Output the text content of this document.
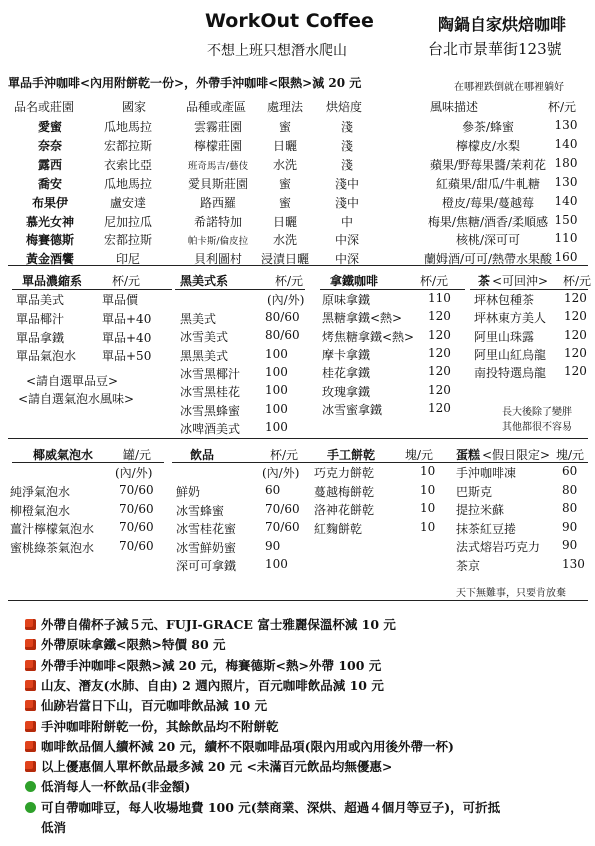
WorkOut Coffee
不想上班只想潛水爬山
陶鍋自家烘焙咖啡
台北市景華街123號
單品手沖咖啡<內用附餅乾一份>，外帶手沖咖啡<限熱>減 20 元	在哪裡跌倒就在哪裡躺好
品名或莊園	國家	品種或產區 處理法 烘焙度	風味描述	杯/元
愛蜜	瓜地馬拉	雲霧莊園	蜜	淺	參茶/蜂蜜	130
奈奈	宏都拉斯	檸檬莊園	日曬	淺	檸檬皮/水梨	140
露西	衣索比亞	班奇馬吉/藝伎 水洗	淺	蘋果/野莓果醬/茉莉花 180
喬安	瓜地馬拉	愛貝斯莊園	蜜	淺中	紅蘋果/甜瓜/牛軋糖 130
布果伊	盧安達	路西羅	蜜	淺中	橙皮/莓果/蔓越莓 140
慕光女神 尼加拉瓜	希諾特加	日曬	中	梅果/焦糖/酒香/柔順感 150
梅賽德斯 宏都拉斯	帕卡斯/倫皮拉 水洗	中深	核桃/深可可	110
黃金酒饗	印尼	貝利圖村 浸漬日曬 中深	蘭姆酒/可可/熱帶水果酸 160
單品濃縮系 杯/元
單品美式	單品價
單品椰汁	單品+40
單品拿鐵	單品+40
單品氣泡水 單品+50
<請自選單品豆>
<請自選氣泡水風味>
黑美式系	杯/元
(內/外)
黑美式	80/60
冰雪美式	80/60
黑黑美式	100
冰雪黑椰汁 100
冰雪黑桂花 100
冰雪黑蜂蜜 100
冰啤酒美式 100
拿鐵咖啡	杯/元
原味拿鐵	110
黑糖拿鐵<熱> 120
烤焦糖拿鐵<熱> 120
摩卡拿鐵	120
桂花拿鐵	120
玫瑰拿鐵	120
冰雪蜜拿鐵	120
茶 <可回沖> 杯/元
坪林包種茶 120
坪林東方美人 120
阿里山珠露 120
阿里山紅烏龍 120
南投特選烏龍 120
長大後除了變胖
其他都很不容易
椰威氣泡水 罐/元
(內/外)
純淨氣泡水	70/60
柳橙氣泡水	70/60
薑汁檸檬氣泡水 70/60
蜜桃綠茶氣泡水 70/60
飲品	杯/元
(內/外)
鮮奶	60
冰雪蜂蜜	70/60
冰雪桂花蜜 70/60
冰雪鮮奶蜜 90
深可可拿鐵 100
手工餅乾 塊/元
巧克力餅乾	10
蔓越梅餅乾	10
洛神花餅乾	10
紅麴餅乾	10
蛋糕 <假日限定> 塊/元
手沖咖啡凍	60
巴斯克	80
提拉米蘇	80
抹茶紅豆捲	90
法式熔岩巧克力 90
茶京	130
天下無難事，只要肯放棄
外帶自備杯子減５元、FUJI-GRACE 富士雅麗保溫杯減 10 元
外帶原味拿鐵<限熱>特價 80 元
外帶手沖咖啡<限熱>減 20 元，梅賽德斯<熱>外帶 100 元
山友、潛友(水肺、自由) 2 週內照片，百元咖啡飲品減 10 元
仙跡岩當日下山，百元咖啡飲品減 10 元
手沖咖啡附餅乾一份，其餘飲品均不附餅乾
咖啡飲品個人續杯減 20 元，續杯不限咖啡品項(限內用或內用後外帶一杯)
以上優惠個人單杯飲品最多減 20 元 <未滿百元飲品均無優惠>
低消每人一杯飲品(非金額)
可自帶咖啡豆，每人收場地費 100 元(禁商業、深烘、超過４個月等豆子)，可折抵
低消
